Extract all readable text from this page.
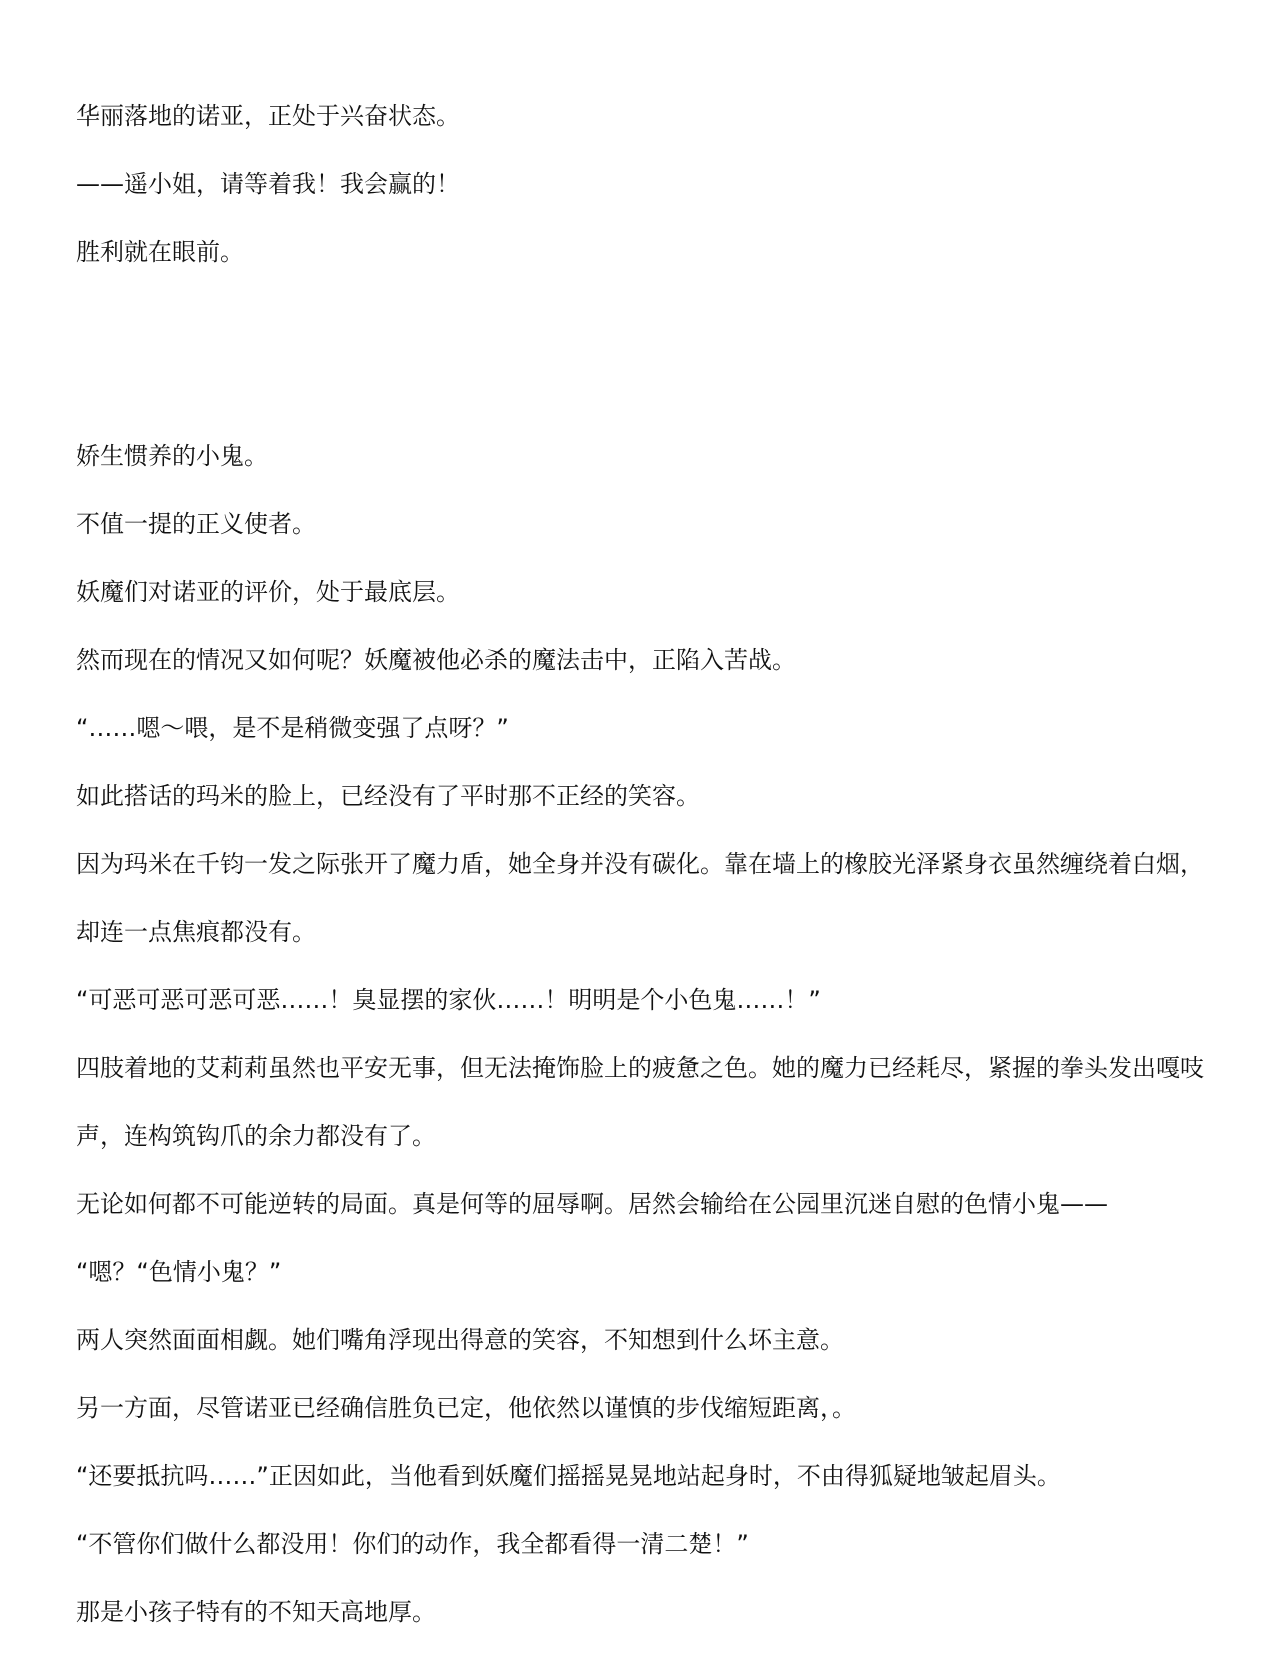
华丽落地的诺亚，正处于兴奋状态。

——遥小姐，请等着我！我会赢的！

胜利就在眼前。

娇生惯养的小鬼。

不值一提的正义使者。

妖魔们对诺亚的评价，处于最底层。

然而现在的情况又如何呢？妖魔被他必杀的魔法击中，正陷入苦战。

“……嗯～喂，是不是稍微变强了点呀？”

如此搭话的玛米的脸上，已经没有了平时那不正经的笑容。

因为玛米在千钧一发之际张开了魔力盾，她全身并没有碳化。靠在墙上的橡胶光泽紧身衣虽然缠绕着白烟，却连一点焦痕都没有。

“可恶可恶可恶可恶……！臭显摆的家伙……！明明是个小色鬼……！”

四肢着地的艾莉莉虽然也平安无事，但无法掩饰脸上的疲惫之色。她的魔力已经耗尽，紧握的拳头发出嘎吱声，连构筑钩爪的余力都没有了。

无论如何都不可能逆转的局面。真是何等的屈辱啊。居然会输给在公园里沉迷自慰的色情小鬼——

“嗯？“色情小鬼？”

两人突然面面相觑。她们嘴角浮现出得意的笑容，不知想到什么坏主意。

另一方面，尽管诺亚已经确信胜负已定，他依然以谨慎的步伐缩短距离，。

“还要抵抗吗……”正因如此，当他看到妖魔们摇摇晃晃地站起身时，不由得狐疑地皱起眉头。

“不管你们做什么都没用！你们的动作，我全都看得一清二楚！”

那是小孩子特有的不知天高地厚。
